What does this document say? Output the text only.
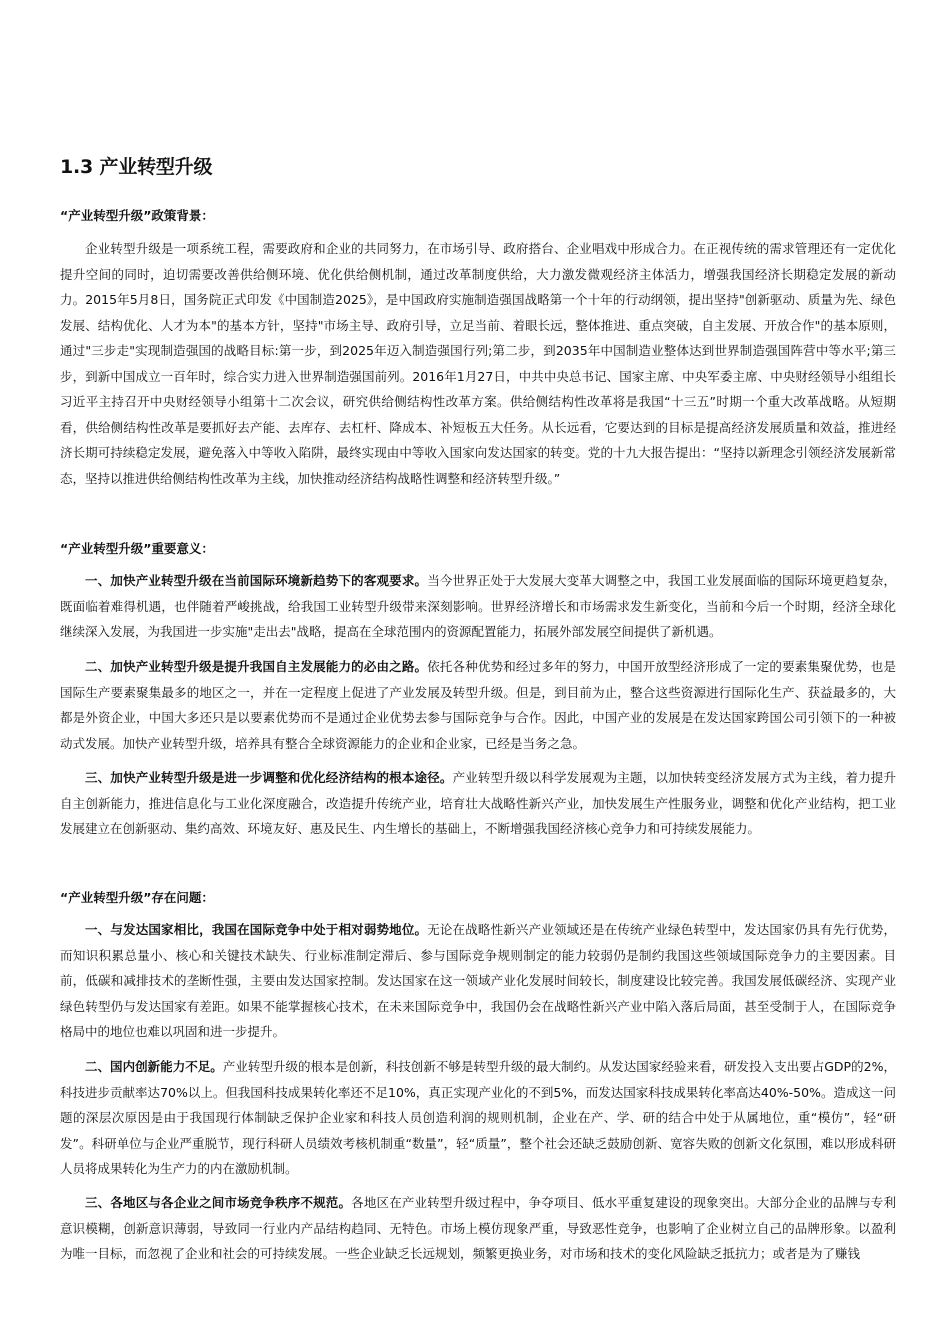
1.3 产业转型升级

“产业转型升级”政策背景：

企业转型升级是一项系统工程，需要政府和企业的共同努力，在市场引导、政府搭台、企业唱戏中形成合力。在正视传统的需求管理还有一定优化提升空间的同时，迫切需要改善供给侧环境、优化供给侧机制，通过改革制度供给，大力激发微观经济主体活力，增强我国经济长期稳定发展的新动力。2015年5月8日，国务院正式印发《中国制造2025》，是中国政府实施制造强国战略第一个十年的行动纲领，提出坚持"创新驱动、质量为先、绿色发展、结构优化、人才为本"的基本方针，坚持"市场主导、政府引导，立足当前、着眼长远，整体推进、重点突破，自主发展、开放合作"的基本原则，通过"三步走"实现制造强国的战略目标:第一步，到2025年迈入制造强国行列;第二步，到2035年中国制造业整体达到世界制造强国阵营中等水平;第三步，到新中国成立一百年时，综合实力进入世界制造强国前列。2016年1月27日，中共中央总书记、国家主席、中央军委主席、中央财经领导小组组长习近平主持召开中央财经领导小组第十二次会议，研究供给侧结构性改革方案。供给侧结构性改革将是我国“十三五”时期一个重大改革战略。从短期看，供给侧结构性改革是要抓好去产能、去库存、去杠杆、降成本、补短板五大任务。从长远看，它要达到的目标是提高经济发展质量和效益，推进经济长期可持续稳定发展，避免落入中等收入陷阱，最终实现由中等收入国家向发达国家的转变。党的十九大报告提出：“坚持以新理念引领经济发展新常态，坚持以推进供给侧结构性改革为主线，加快推动经济结构战略性调整和经济转型升级。”

“产业转型升级”重要意义：

一、加快产业转型升级在当前国际环境新趋势下的客观要求。当今世界正处于大发展大变革大调整之中，我国工业发展面临的国际环境更趋复杂，既面临着难得机遇，也伴随着严峻挑战，给我国工业转型升级带来深刻影响。世界经济增长和市场需求发生新变化，当前和今后一个时期，经济全球化继续深入发展，为我国进一步实施"走出去"战略，提高在全球范围内的资源配置能力，拓展外部发展空间提供了新机遇。

二、加快产业转型升级是提升我国自主发展能力的必由之路。依托各种优势和经过多年的努力，中国开放型经济形成了一定的要素集聚优势，也是国际生产要素聚集最多的地区之一，并在一定程度上促进了产业发展及转型升级。但是，到目前为止，整合这些资源进行国际化生产、获益最多的，大都是外资企业，中国大多还只是以要素优势而不是通过企业优势去参与国际竞争与合作。因此，中国产业的发展是在发达国家跨国公司引领下的一种被动式发展。加快产业转型升级，培养具有整合全球资源能力的企业和企业家，已经是当务之急。

三、加快产业转型升级是进一步调整和优化经济结构的根本途径。产业转型升级以科学发展观为主题，以加快转变经济发展方式为主线，着力提升自主创新能力，推进信息化与工业化深度融合，改造提升传统产业，培育壮大战略性新兴产业，加快发展生产性服务业，调整和优化产业结构，把工业发展建立在创新驱动、集约高效、环境友好、惠及民生、内生增长的基础上，不断增强我国经济核心竞争力和可持续发展能力。

“产业转型升级”存在问题：

一、与发达国家相比，我国在国际竞争中处于相对弱势地位。无论在战略性新兴产业领域还是在传统产业绿色转型中，发达国家仍具有先行优势，而知识积累总量小、核心和关键技术缺失、行业标准制定滞后、参与国际竞争规则制定的能力较弱仍是制约我国这些领域国际竞争力的主要因素。目前，低碳和减排技术的垄断性强，主要由发达国家控制。发达国家在这一领域产业化发展时间较长，制度建设比较完善。我国发展低碳经济、实现产业绿色转型仍与发达国家有差距。如果不能掌握核心技术，在未来国际竞争中，我国仍会在战略性新兴产业中陷入落后局面，甚至受制于人，在国际竞争格局中的地位也难以巩固和进一步提升。

二、国内创新能力不足。产业转型升级的根本是创新，科技创新不够是转型升级的最大制约。从发达国家经验来看，研发投入支出要占GDP的2%，科技进步贡献率达70%以上。但我国科技成果转化率还不足10%，真正实现产业化的不到5%，而发达国家科技成果转化率高达40%-50%。造成这一问题的深层次原因是由于我国现行体制缺乏保护企业家和科技人员创造利润的规则机制，企业在产、学、研的结合中处于从属地位，重“模仿”，轻“研发”。科研单位与企业严重脱节，现行科研人员绩效考核机制重“数量”，轻“质量”，整个社会还缺乏鼓励创新、宽容失败的创新文化氛围，难以形成科研人员将成果转化为生产力的内在激励机制。

三、各地区与各企业之间市场竞争秩序不规范。各地区在产业转型升级过程中，争夺项目、低水平重复建设的现象突出。大部分企业的品牌与专利意识模糊，创新意识薄弱，导致同一行业内产品结构趋同、无特色。市场上模仿现象严重，导致恶性竞争，也影响了企业树立自己的品牌形象。以盈利为唯一目标，而忽视了企业和社会的可持续发展。一些企业缺乏长远规划，频繁更换业务，对市场和技术的变化风险缺乏抵抗力；或者是为了赚钱
